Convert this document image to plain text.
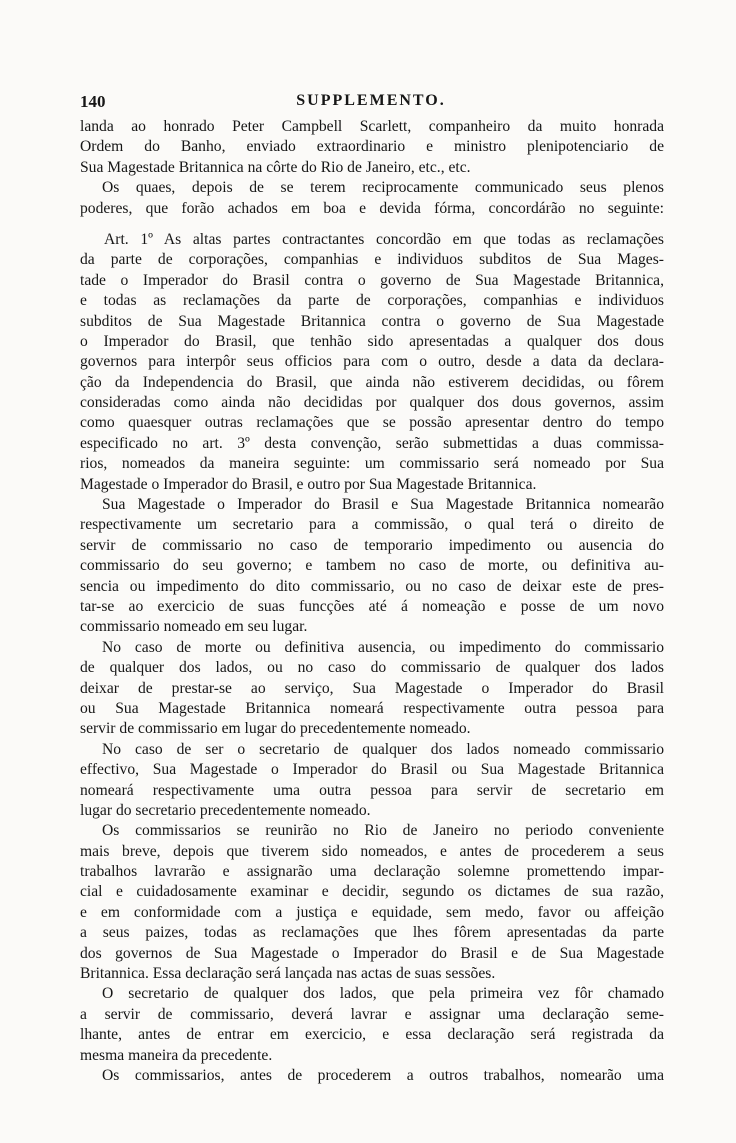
140	SUPPLEMENTO.
landa ao honrado Peter Campbell Scarlett, companheiro da muito honrada
Ordem do Banho, enviado extraordinario e ministro plenipotenciario de
Sua Magestade Britannica na côrte do Rio de Janeiro, etc., etc.
Os quaes, depois de se terem reciprocamente communicado seus plenos
poderes, que forão achados em boa e devida fórma, concordárão no seguinte:
Art. 1º As altas partes contractantes concordão em que todas as reclamações
da parte de corporações, companhias e individuos subditos de Sua Mages-
tade o Imperador do Brasil contra o governo de Sua Magestade Britannica,
e todas as reclamações da parte de corporações, companhias e individuos
subditos de Sua Magestade Britannica contra o governo de Sua Magestade
o Imperador do Brasil, que tenhão sido apresentadas a qualquer dos dous
governos para interpôr seus officios para com o outro, desde a data da declara-
ção da Independencia do Brasil, que ainda não estiverem decididas, ou fôrem
consideradas como ainda não decididas por qualquer dos dous governos, assim
como quaesquer outras reclamações que se possão apresentar dentro do tempo
especificado no art. 3º desta convenção, serão submettidas a duas commissa-
rios, nomeados da maneira seguinte: um commissario será nomeado por Sua
Magestade o Imperador do Brasil, e outro por Sua Magestade Britannica.
Sua Magestade o Imperador do Brasil e Sua Magestade Britannica nomearão
respectivamente um secretario para a commissão, o qual terá o direito de
servir de commissario no caso de temporario impedimento ou ausencia do
commissario do seu governo; e tambem no caso de morte, ou definitiva au-
sencia ou impedimento do dito commissario, ou no caso de deixar este de pres-
tar-se ao exercicio de suas funcções até á nomeação e posse de um novo
commissario nomeado em seu lugar.
No caso de morte ou definitiva ausencia, ou impedimento do commissario
de qualquer dos lados, ou no caso do commissario de qualquer dos lados
deixar de prestar-se ao serviço, Sua Magestade o Imperador do Brasil
ou Sua Magestade Britannica nomeará respectivamente outra pessoa para
servir de commissario em lugar do precedentemente nomeado.
No caso de ser o secretario de qualquer dos lados nomeado commissario
effectivo, Sua Magestade o Imperador do Brasil ou Sua Magestade Britannica
nomeará respectivamente uma outra pessoa para servir de secretario em
lugar do secretario precedentemente nomeado.
Os commissarios se reunirão no Rio de Janeiro no periodo conveniente
mais breve, depois que tiverem sido nomeados, e antes de procederem a seus
trabalhos lavrarão e assignarão uma declaração solemne promettendo impar-
cial e cuidadosamente examinar e decidir, segundo os dictames de sua razão,
e em conformidade com a justiça e equidade, sem medo, favor ou affeição
a seus paizes, todas as reclamações que lhes fôrem apresentadas da parte
dos governos de Sua Magestade o Imperador do Brasil e de Sua Magestade
Britannica. Essa declaração será lançada nas actas de suas sessões.
O secretario de qualquer dos lados, que pela primeira vez fôr chamado
a servir de commissario, deverá lavrar e assignar uma declaração seme-
lhante, antes de entrar em exercicio, e essa declaração será registrada da
mesma maneira da precedente.
Os commissarios, antes de procederem a outros trabalhos, nomearão uma
